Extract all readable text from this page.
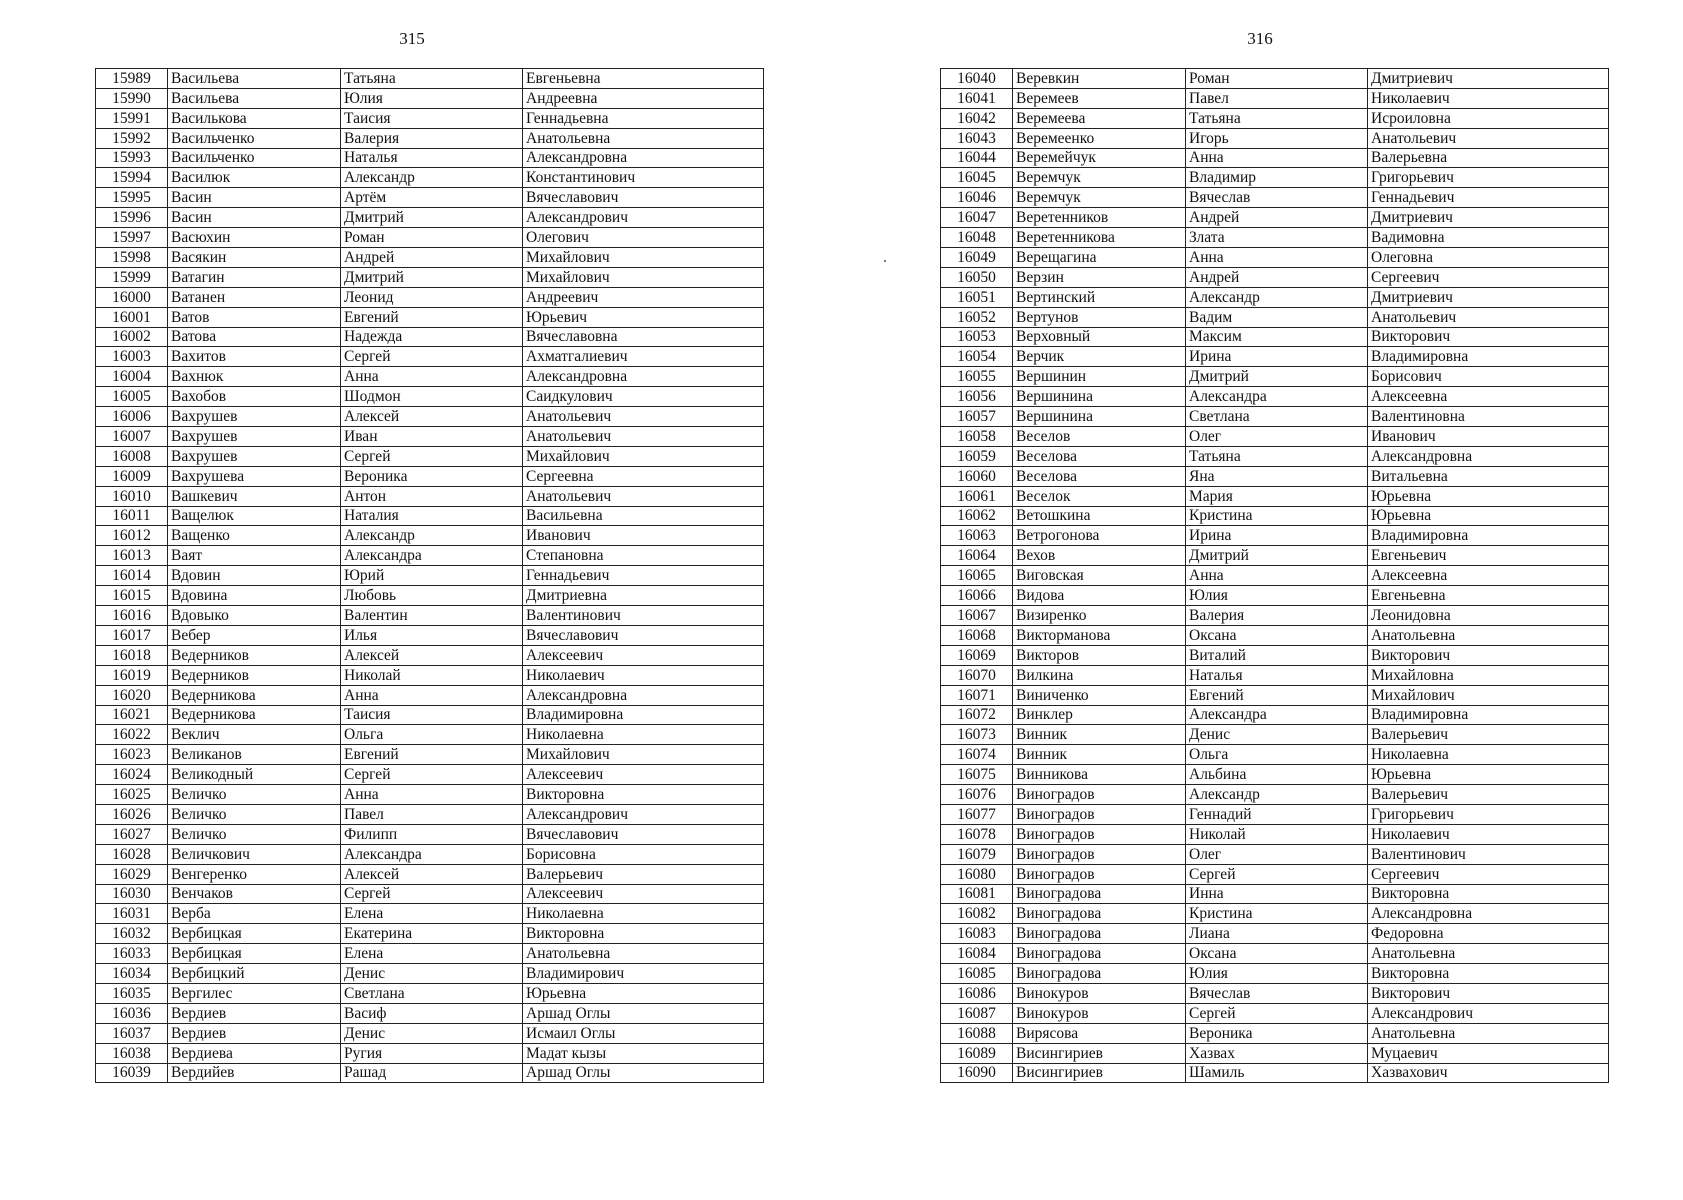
315
15989	Васильева	Татьяна	Евгеньевна
15990	Васильева	Юлия	Андреевна
15991	Василькова	Таисия	Геннадьевна
15992	Васильченко	Валерия	Анатольевна
15993	Васильченко	Наталья	Александровна
15994	Василюк	Александр	Константинович
15995	Васин	Артём	Вячеславович
15996	Васин	Дмитрий	Александрович
15997	Васюхин	Роман	Олегович
15998	Васякин	Андрей	Михайлович
15999	Ватагин	Дмитрий	Михайлович
16000	Ватанен	Леонид	Андреевич
16001	Ватов	Евгений	Юрьевич
16002	Ватова	Надежда	Вячеславовна
16003	Вахитов	Сергей	Ахматгалиевич
16004	Вахнюк	Анна	Александровна
16005	Вахобов	Шодмон	Саидкулович
16006	Вахрушев	Алексей	Анатольевич
16007	Вахрушев	Иван	Анатольевич
16008	Вахрушев	Сергей	Михайлович
16009	Вахрушева	Вероника	Сергеевна
16010	Вашкевич	Антон	Анатольевич
16011	Ващелюк	Наталия	Васильевна
16012	Ващенко	Александр	Иванович
16013	Ваят	Александра	Степановна
16014	Вдовин	Юрий	Геннадьевич
16015	Вдовина	Любовь	Дмитриевна
16016	Вдовыко	Валентин	Валентинович
16017	Вебер	Илья	Вячеславович
16018	Ведерников	Алексей	Алексеевич
16019	Ведерников	Николай	Николаевич
16020	Ведерникова	Анна	Александровна
16021	Ведерникова	Таисия	Владимировна
16022	Веклич	Ольга	Николаевна
16023	Великанов	Евгений	Михайлович
16024	Великодный	Сергей	Алексеевич
16025	Величко	Анна	Викторовна
16026	Величко	Павел	Александрович
16027	Величко	Филипп	Вячеславович
16028	Величкович	Александра	Борисовна
16029	Венгеренко	Алексей	Валерьевич
16030	Венчаков	Сергей	Алексеевич
16031	Верба	Елена	Николаевна
16032	Вербицкая	Екатерина	Викторовна
16033	Вербицкая	Елена	Анатольевна
16034	Вербицкий	Денис	Владимирович
16035	Вергилес	Светлана	Юрьевна
16036	Вердиев	Васиф	Аршад Оглы
16037	Вердиев	Денис	Исмаил Оглы
16038	Вердиева	Ругия	Мадат кызы
16039	Вердийев	Рашад	Аршад Оглы
316
16040	Веревкин	Роман	Дмитриевич
16041	Веремеев	Павел	Николаевич
16042	Веремеева	Татьяна	Исроиловна
16043	Веремеенко	Игорь	Анатольевич
16044	Веремейчук	Анна	Валерьевна
16045	Веремчук	Владимир	Григорьевич
16046	Веремчук	Вячеслав	Геннадьевич
16047	Веретенников	Андрей	Дмитриевич
16048	Веретенникова	Злата	Вадимовна
16049	Верещагина	Анна	Олеговна
16050	Верзин	Андрей	Сергеевич
16051	Вертинский	Александр	Дмитриевич
16052	Вертунов	Вадим	Анатольевич
16053	Верховный	Максим	Викторович
16054	Верчик	Ирина	Владимировна
16055	Вершинин	Дмитрий	Борисович
16056	Вершинина	Александра	Алексеевна
16057	Вершинина	Светлана	Валентиновна
16058	Веселов	Олег	Иванович
16059	Веселова	Татьяна	Александровна
16060	Веселова	Яна	Витальевна
16061	Веселок	Мария	Юрьевна
16062	Ветошкина	Кристина	Юрьевна
16063	Ветрогонова	Ирина	Владимировна
16064	Вехов	Дмитрий	Евгеньевич
16065	Виговская	Анна	Алексеевна
16066	Видова	Юлия	Евгеньевна
16067	Визиренко	Валерия	Леонидовна
16068	Викторманова	Оксана	Анатольевна
16069	Викторов	Виталий	Викторович
16070	Вилкина	Наталья	Михайловна
16071	Виниченко	Евгений	Михайлович
16072	Винклер	Александра	Владимировна
16073	Винник	Денис	Валерьевич
16074	Винник	Ольга	Николаевна
16075	Винникова	Альбина	Юрьевна
16076	Виноградов	Александр	Валерьевич
16077	Виноградов	Геннадий	Григорьевич
16078	Виноградов	Николай	Николаевич
16079	Виноградов	Олег	Валентинович
16080	Виноградов	Сергей	Сергеевич
16081	Виноградова	Инна	Викторовна
16082	Виноградова	Кристина	Александровна
16083	Виноградова	Лиана	Федоровна
16084	Виноградова	Оксана	Анатольевна
16085	Виноградова	Юлия	Викторовна
16086	Винокуров	Вячеслав	Викторович
16087	Винокуров	Сергей	Александрович
16088	Вирясова	Вероника	Анатольевна
16089	Висингириев	Хазвах	Муцаевич
16090	Висингириев	Шамиль	Хазвахович
